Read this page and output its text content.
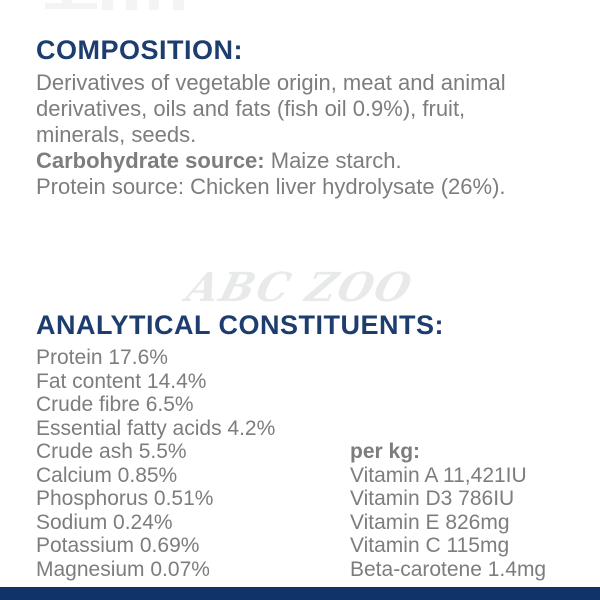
COMPOSITION:
Derivatives of vegetable origin, meat and animal
derivatives, oils and fats (fish oil 0.9%), fruit,
minerals, seeds.
Carbohydrate source: Maize starch.
Protein source: Chicken liver hydrolysate (26%).
ABC ZOO
ANALYTICAL CONSTITUENTS:
Protein 17.6%
Fat content 14.4%
Crude fibre 6.5%
Essential fatty acids 4.2%
Crude ash 5.5%
Calcium 0.85%
Phosphorus 0.51%
Sodium 0.24%
Potassium 0.69%
Magnesium 0.07%
per kg:
Vitamin A 11,421IU
Vitamin D3 786IU
Vitamin E 826mg
Vitamin C 115mg
Beta-carotene 1.4mg
